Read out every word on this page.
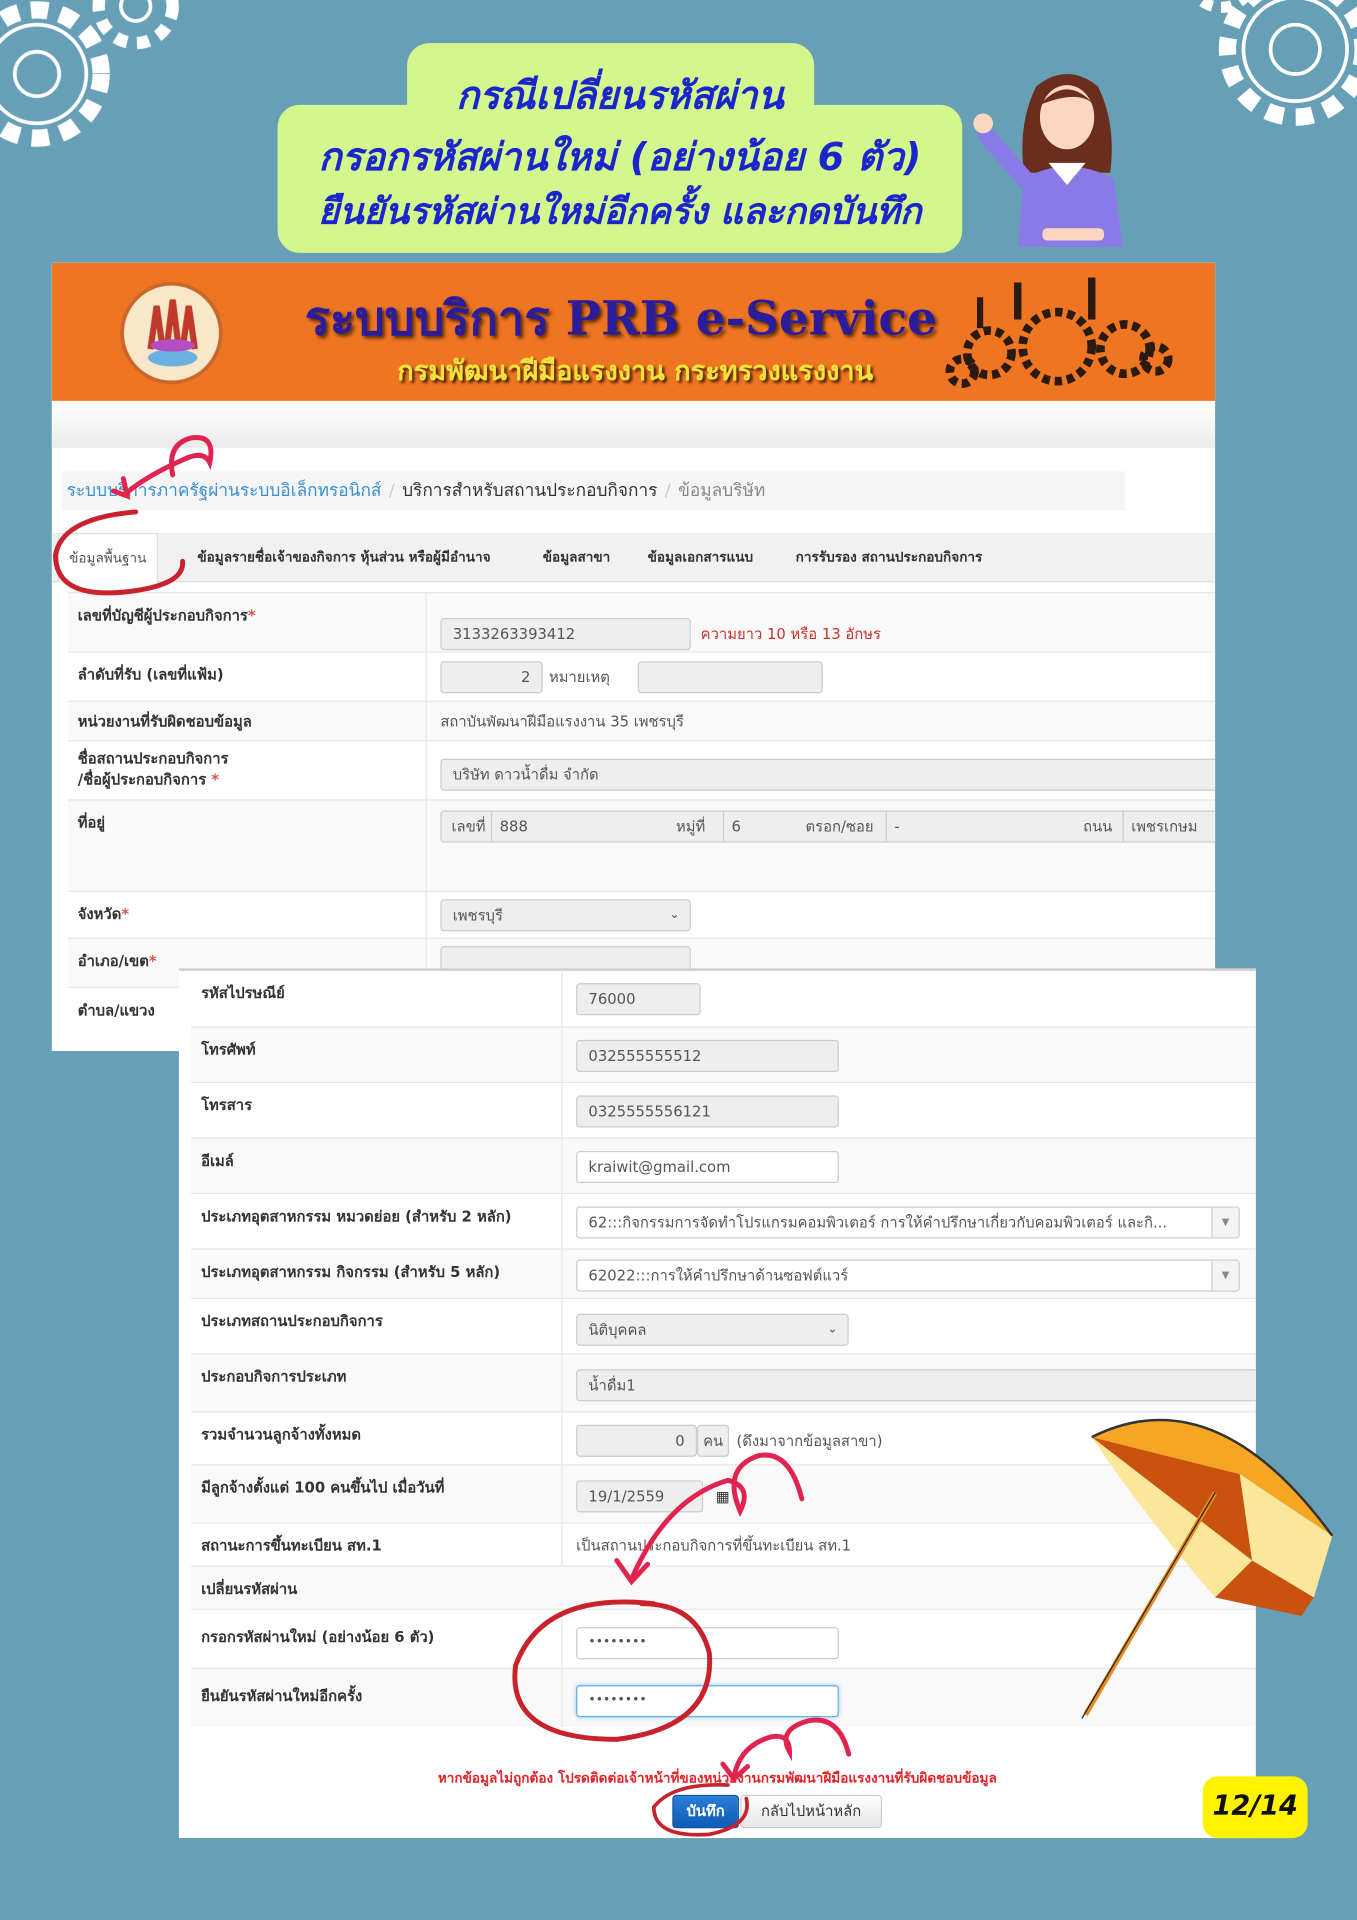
กรณีเปลี่ยนรหัสผ่าน
กรอกรหัสผ่านใหม่ (อย่างน้อย 6 ตัว)
ยืนยันรหัสผ่านใหม่อีกครั้ง และกดบันทึก
ระบบบริการ PRB e-Service
กรมพัฒนาฝีมือแรงงาน กระทรวงแรงงาน
ระบบบริการภาครัฐผ่านระบบอิเล็กทรอนิกส์ / บริการสำหรับสถานประกอบกิจการ / ข้อมูลบริษัท
ข้อมูลพื้นฐาน	ข้อมูลรายชื่อเจ้าของกิจการ หุ้นส่วน หรือผู้มีอำนาจ	ข้อมูลสาขา	ข้อมูลเอกสารแนบ	การรับรอง สถานประกอบกิจการ
เลขที่บัญชีผู้ประกอบกิจการ*
3133263393412	ความยาว 10 หรือ 13 อักษร
ลำดับที่รับ (เลขที่แฟ้ม)	2	หมายเหตุ
หน่วยงานที่รับผิดชอบข้อมูล	สถาบันพัฒนาฝีมือแรงงาน 35 เพชรบุรี
ชื่อสถานประกอบกิจการ
/ชื่อผู้ประกอบกิจการ *	บริษัท ดาวน้ำดื่ม จำกัด
ที่อยู่	เลขที่	888	หมู่ที่	6	ตรอก/ซอย	-	ถนน	เพชรเกษม
จังหวัด*	เพชรบุรี	⌄
อำเภอ/เขต*
ตำบล/แขวง
รหัสไปรษณีย์	76000
โทรศัพท์	032555555512
โทรสาร	0325555556121
อีเมล์	kraiwit@gmail.com
ประเภทอุตสาหกรรม หมวดย่อย (สำหรับ 2 หลัก)	62:::กิจกรรมการจัดทำโปรแกรมคอมพิวเตอร์ การให้คำปรึกษาเกี่ยวกับคอมพิวเตอร์ และกิ...	▼
ประเภทอุตสาหกรรม กิจกรรม (สำหรับ 5 หลัก)	62022:::การให้คำปรึกษาด้านซอฟต์แวร์	▼
ประเภทสถานประกอบกิจการ
นิติบุคคล	⌄
ประกอบกิจการประเภท
น้ำดื่ม1
รวมจำนวนลูกจ้างทั้งหมด	0	คน	(ดึงมาจากข้อมูลสาขา)
มีลูกจ้างตั้งแต่ 100 คนขึ้นไป เมื่อวันที่
19/1/2559	▦
สถานะการขึ้นทะเบียน สท.1	เป็นสถานประกอบกิจการที่ขึ้นทะเบียน สท.1
เปลี่ยนรหัสผ่าน
กรอกรหัสผ่านใหม่ (อย่างน้อย 6 ตัว)	••••••••
ยืนยันรหัสผ่านใหม่อีกครั้ง	••••••••
หากข้อมูลไม่ถูกต้อง โปรดติดต่อเจ้าหน้าที่ของหน่วยงานกรมพัฒนาฝีมือแรงงานที่รับผิดชอบข้อมูล
บันทึก	กลับไปหน้าหลัก	12/14
